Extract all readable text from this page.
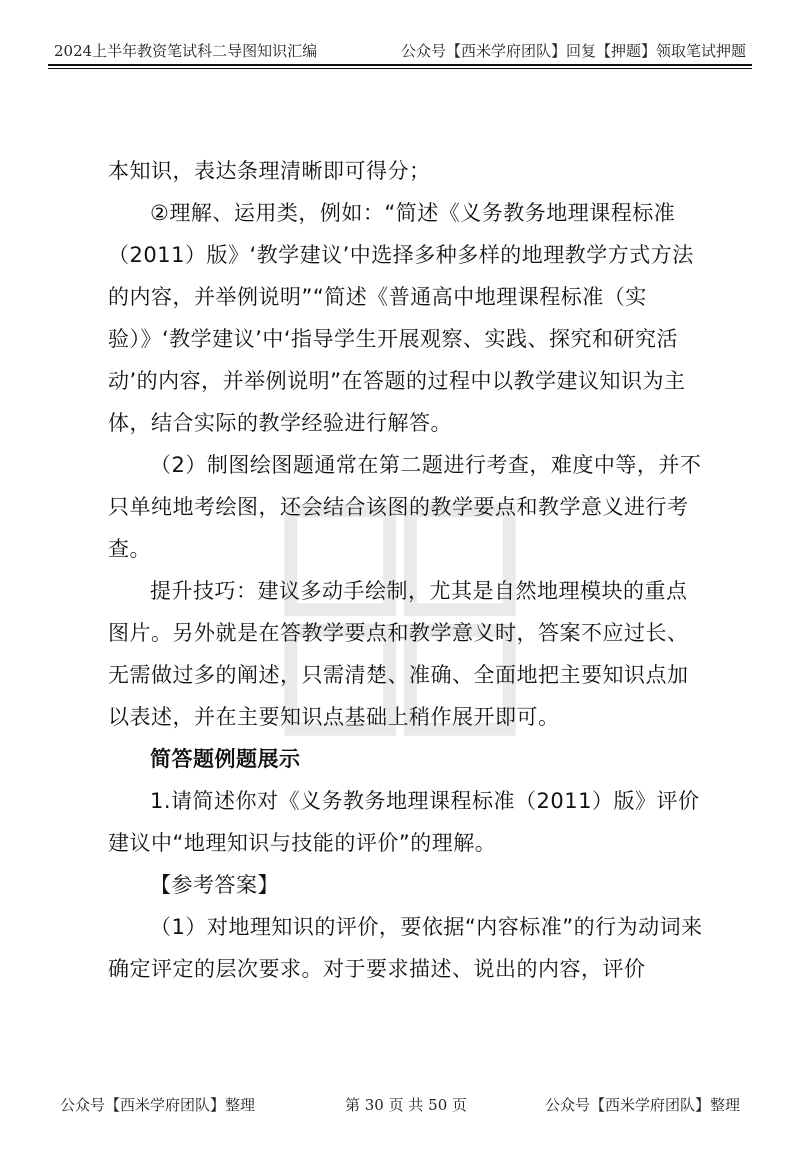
2024上半年教资笔试科二导图知识汇编	公众号【西米学府团队】回复【押题】领取笔试押题

本知识，表达条理清晰即可得分；

②理解、运用类，例如：“简述《义务教务地理课程标准（2011）版》‘教学建议’中选择多种多样的地理教学方式方法的内容，并举例说明”“简述《普通高中地理课程标准（实验）》‘教学建议’中‘指导学生开展观察、实践、探究和研究活动’的内容，并举例说明”在答题的过程中以教学建议知识为主体，结合实际的教学经验进行解答。

（2）制图绘图题通常在第二题进行考查，难度中等，并不只单纯地考绘图，还会结合该图的教学要点和教学意义进行考查。

提升技巧：建议多动手绘制，尤其是自然地理模块的重点图片。另外就是在答教学要点和教学意义时，答案不应过长、无需做过多的阐述，只需清楚、准确、全面地把主要知识点加以表述，并在主要知识点基础上稍作展开即可。

简答题例题展示

1.请简述你对《义务教务地理课程标准（2011）版》评价建议中“地理知识与技能的评价”的理解。

【参考答案】

（1）对地理知识的评价，要依据“内容标准”的行为动词来确定评定的层次要求。对于要求描述、说出的内容，评价

公众号【西米学府团队】整理	第 30 页 共 50 页	公众号【西米学府团队】整理
